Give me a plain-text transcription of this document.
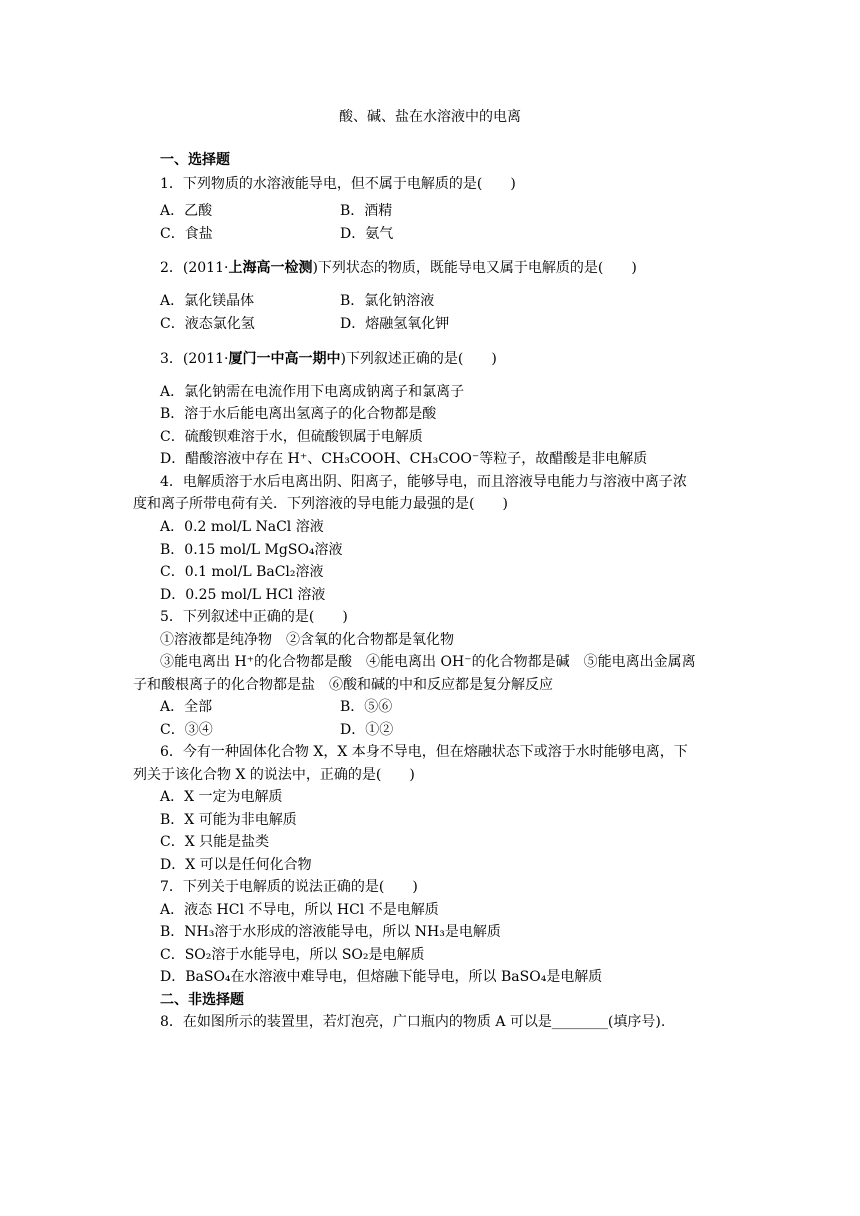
酸、碱、盐在水溶液中的电离
一、选择题
1．下列物质的水溶液能导电，但不属于电解质的是(　　)
A．乙酸	B．酒精
C．食盐	D．氨气
2．(2011·上海高一检测)下列状态的物质，既能导电又属于电解质的是(　　)
A．氯化镁晶体	B．氯化钠溶液
C．液态氯化氢	D．熔融氢氧化钾
3．(2011·厦门一中高一期中)下列叙述正确的是(　　)
A．氯化钠需在电流作用下电离成钠离子和氯离子
B．溶于水后能电离出氢离子的化合物都是酸
C．硫酸钡难溶于水，但硫酸钡属于电解质
D．醋酸溶液中存在 H⁺、CH₃COOH、CH₃COO⁻等粒子，故醋酸是非电解质
4．电解质溶于水后电离出阴、阳离子，能够导电，而且溶液导电能力与溶液中离子浓
度和离子所带电荷有关．下列溶液的导电能力最强的是(　　)
A．0.2 mol/L NaCl 溶液
B．0.15 mol/L MgSO₄溶液
C．0.1 mol/L BaCl₂溶液
D．0.25 mol/L HCl 溶液
5．下列叙述中正确的是(　　)
①溶液都是纯净物　②含氧的化合物都是氧化物
③能电离出 H⁺的化合物都是酸　④能电离出 OH⁻的化合物都是碱　⑤能电离出金属离
子和酸根离子的化合物都是盐　⑥酸和碱的中和反应都是复分解反应
A．全部	B．⑤⑥
C．③④	D．①②
6．今有一种固体化合物 X，X 本身不导电，但在熔融状态下或溶于水时能够电离，下
列关于该化合物 X 的说法中，正确的是(　　)
A．X 一定为电解质
B．X 可能为非电解质
C．X 只能是盐类
D．X 可以是任何化合物
7．下列关于电解质的说法正确的是(　　)
A．液态 HCl 不导电，所以 HCl 不是电解质
B．NH₃溶于水形成的溶液能导电，所以 NH₃是电解质
C．SO₂溶于水能导电，所以 SO₂是电解质
D．BaSO₄在水溶液中难导电，但熔融下能导电，所以 BaSO₄是电解质
二、非选择题
8．在如图所示的装置里，若灯泡亮，广口瓶内的物质 A 可以是________(填序号).
